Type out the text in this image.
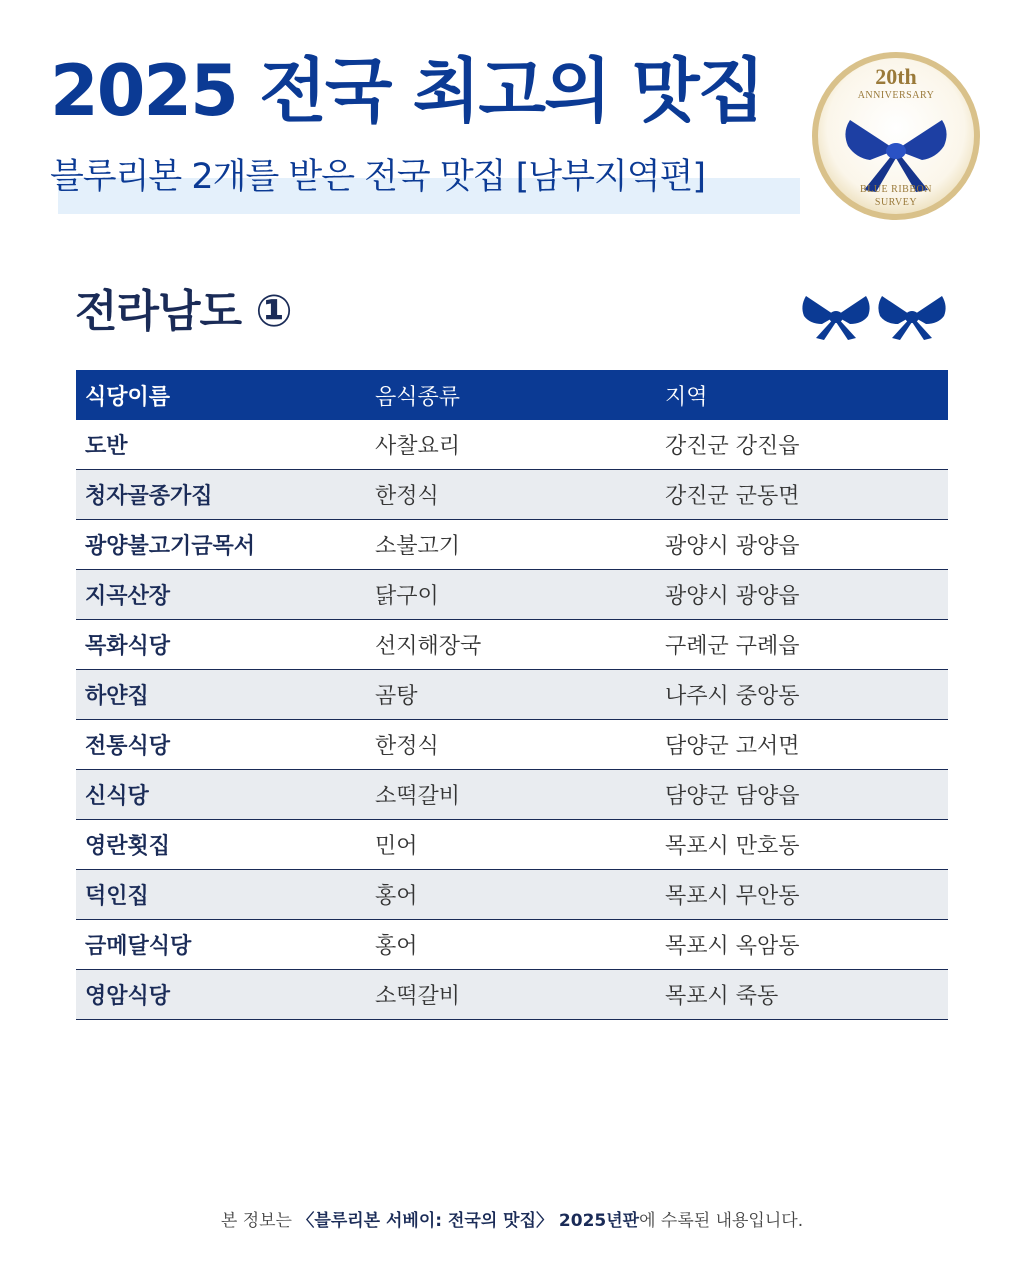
2025 전국 최고의 맛집
블루리본 2개를 받은 전국 맛집 [남부지역편]
20th
ANNIVERSARY
BLUE RIBBON
SURVEY
전라남도 ①
식당이름	음식종류	지역
도반	사찰요리	강진군 강진읍
청자골종가집	한정식	강진군 군동면
광양불고기금목서	소불고기	광양시 광양읍
지곡산장	닭구이	광양시 광양읍
목화식당	선지해장국	구례군 구례읍
하얀집	곰탕	나주시 중앙동
전통식당	한정식	담양군 고서면
신식당	소떡갈비	담양군 담양읍
영란횟집	민어	목포시 만호동
덕인집	홍어	목포시 무안동
금메달식당	홍어	목포시 옥암동
영암식당	소떡갈비	목포시 죽동
본 정보는 〈블루리본 서베이: 전국의 맛집〉 2025년판에 수록된 내용입니다.
